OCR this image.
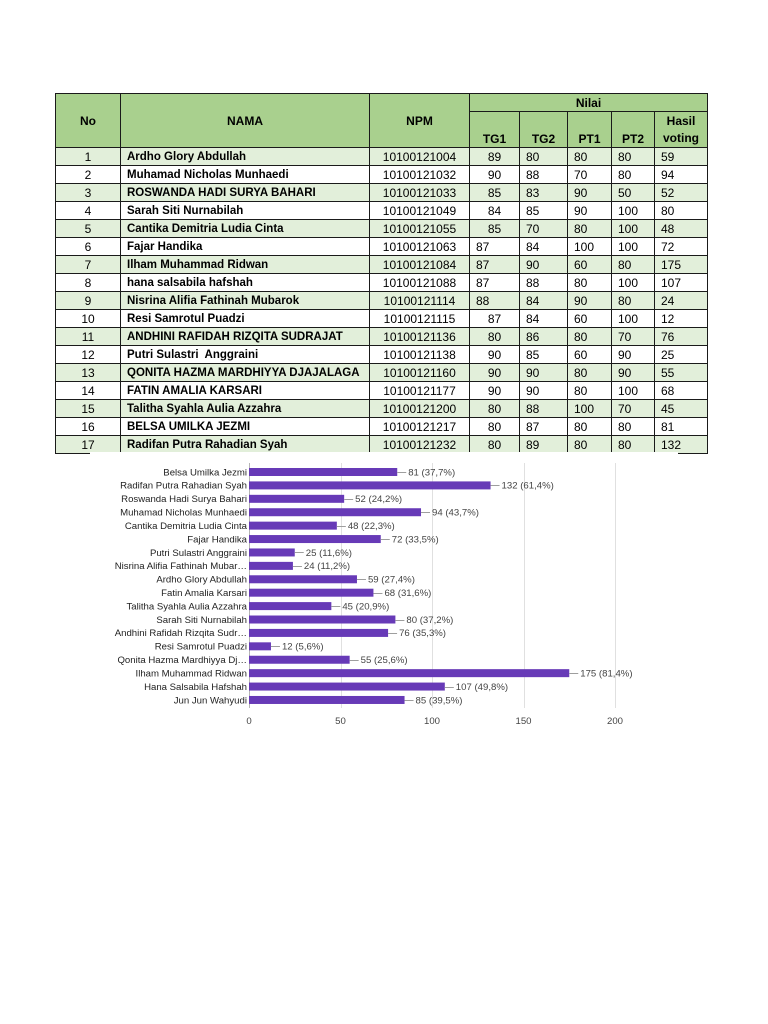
No	NAMA	NPM	Nilai				
			TG1	TG2	PT1	PT2	Hasil voting
1	Ardho Glory Abdullah	10100121004	89	80	80	80	59
2	Muhamad Nicholas Munhaedi	10100121032	90	88	70	80	94
3	ROSWANDA HADI SURYA BAHARI	10100121033	85	83	90	50	52
4	Sarah Siti Nurnabilah	10100121049	84	85	90	100	80
5	Cantika Demitria Ludia Cinta	10100121055	85	70	80	100	48
6	Fajar Handika	10100121063	87	84	100	100	72
7	Ilham Muhammad Ridwan	10100121084	87	90	60	80	175
8	hana salsabila hafshah	10100121088	87	88	80	100	107
9	Nisrina Alifia Fathinah Mubarok	10100121114	88	84	90	80	24
10	Resi Samrotul Puadzi	10100121115	87	84	60	100	12
11	ANDHINI RAFIDAH RIZQITA SUDRAJAT	10100121136	80	86	80	70	76
12	Putri Sulastri  Anggraini	10100121138	90	85	60	90	25
13	QONITA HAZMA MARDHIYYA DJAJALAGA	10100121160	90	90	80	90	55
14	FATIN AMALIA KARSARI	10100121177	90	90	80	100	68
15	Talitha Syahla Aulia Azzahra	10100121200	80	88	100	70	45
16	BELSA UMILKA JEZMI	10100121217	80	87	80	80	81
17	Radifan Putra Rahadian Syah	10100121232	80	89	80	80	132
0	50	100	150	200
Belsa Umilka Jezmi	81 (37,7%)
Radifan Putra Rahadian Syah	132 (61,4%)
Roswanda Hadi Surya Bahari	52 (24,2%)
Muhamad Nicholas Munhaedi	94 (43,7%)
Cantika Demitria Ludia Cinta	48 (22,3%)
Fajar Handika	72 (33,5%)
Putri Sulastri Anggraini	25 (11,6%)
Nisrina Alifia Fathinah Mubar…	24 (11,2%)
Ardho Glory Abdullah	59 (27,4%)
Fatin Amalia Karsari	68 (31,6%)
Talitha Syahla Aulia Azzahra	45 (20,9%)
Sarah Siti Nurnabilah	80 (37,2%)
Andhini Rafidah Rizqita Sudr…	76 (35,3%)
Resi Samrotul Puadzi	12 (5,6%)
Qonita Hazma Mardhiyya Dj…	55 (25,6%)
Ilham Muhammad Ridwan	175 (81,4%)
Hana Salsabila Hafshah	107 (49,8%)
Jun Jun Wahyudi	85 (39,5%)
